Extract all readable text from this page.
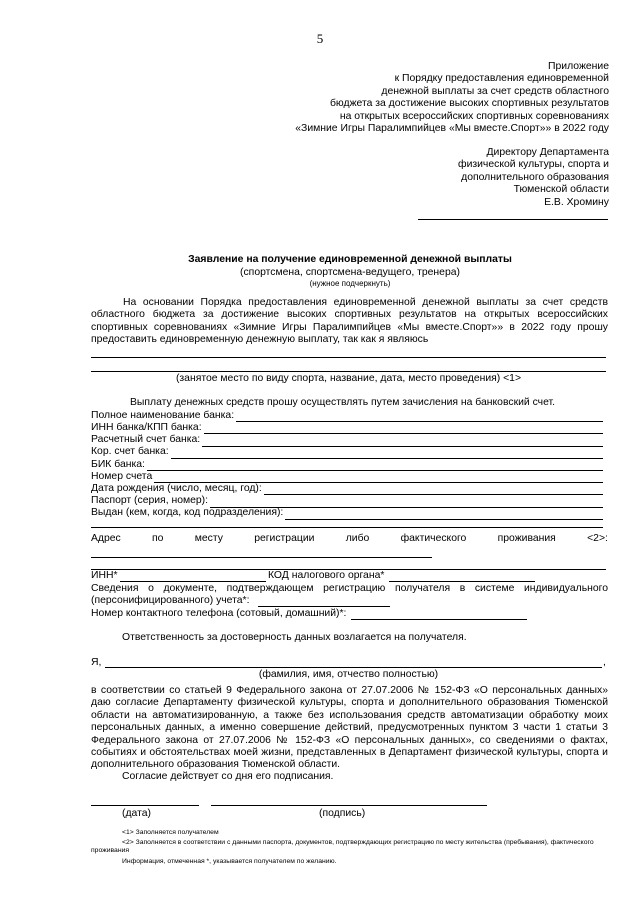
5
Приложение
к Порядку предоставления единовременной
денежной выплаты за счет средств областного
бюджета за достижение высоких спортивных результатов
на открытых всероссийских спортивных соревнованиях
«Зимние Игры Паралимпийцев «Мы вместе.Спорт»» в 2022 году
Директору Департамента
физической культуры, спорта и
дополнительного образования
Тюменской области
Е.В. Хромину
Заявление на получение единовременной денежной выплаты
(спортсмена, спортсмена-ведущего, тренера)
(нужное подчеркнуть)
На основании Порядка предоставления единовременной денежной выплаты за счет средств областного бюджета за достижение высоких спортивных результатов на открытых всероссийских спортивных соревнованиях «Зимние Игры Паралимпийцев «Мы вместе.Спорт»» в 2022 году прошу предоставить единовременную денежную выплату, так как я являюсь
(занятое место по виду спорта, название, дата, место проведения) <1>
Выплату денежных средств прошу осуществлять путем зачисления на банковский счет.
Полное наименование банка:
ИНН банка/КПП банка:
Расчетный счет банка:
Кор. счет банка:
БИК банка:
Номер счета
Дата рождения (число, месяц, год):
Паспорт (серия, номер):
Выдан (кем, когда, код подразделения):
Адрес	по	месту	регистрации	либо	фактического	проживания	<2>:
ИНН*	КОД налогового органа*
Сведения о документе, подтверждающем регистрацию получателя в системе индивидуального (персонифицированного) учета*:
Номер контактного телефона (сотовый, домашний)*:
Ответственность за достоверность данных возлагается на получателя.
Я,	,
(фамилия, имя, отчество полностью)
в соответствии со статьей 9 Федерального закона от 27.07.2006 № 152-ФЗ «О персональных данных» даю согласие Департаменту физической культуры, спорта и дополнительного образования Тюменской области на автоматизированную, а также без использования средств автоматизации обработку моих персональных данных, а именно совершение действий, предусмотренных пунктом 3 части 1 статьи 3 Федерального закона от 27.07.2006 № 152-ФЗ «О персональных данных», со сведениями о фактах, событиях и обстоятельствах моей жизни, представленных в Департамент физической культуры, спорта и дополнительного образования Тюменской области.
Согласие действует со дня его подписания.
(дата)	(подпись)
<1> Заполняется получателем
<2> Заполняется в соответствии с данными паспорта, документов, подтверждающих регистрацию по месту жительства (пребывания), фактического проживания
Информация, отмеченная *, указывается получателем по желанию.
